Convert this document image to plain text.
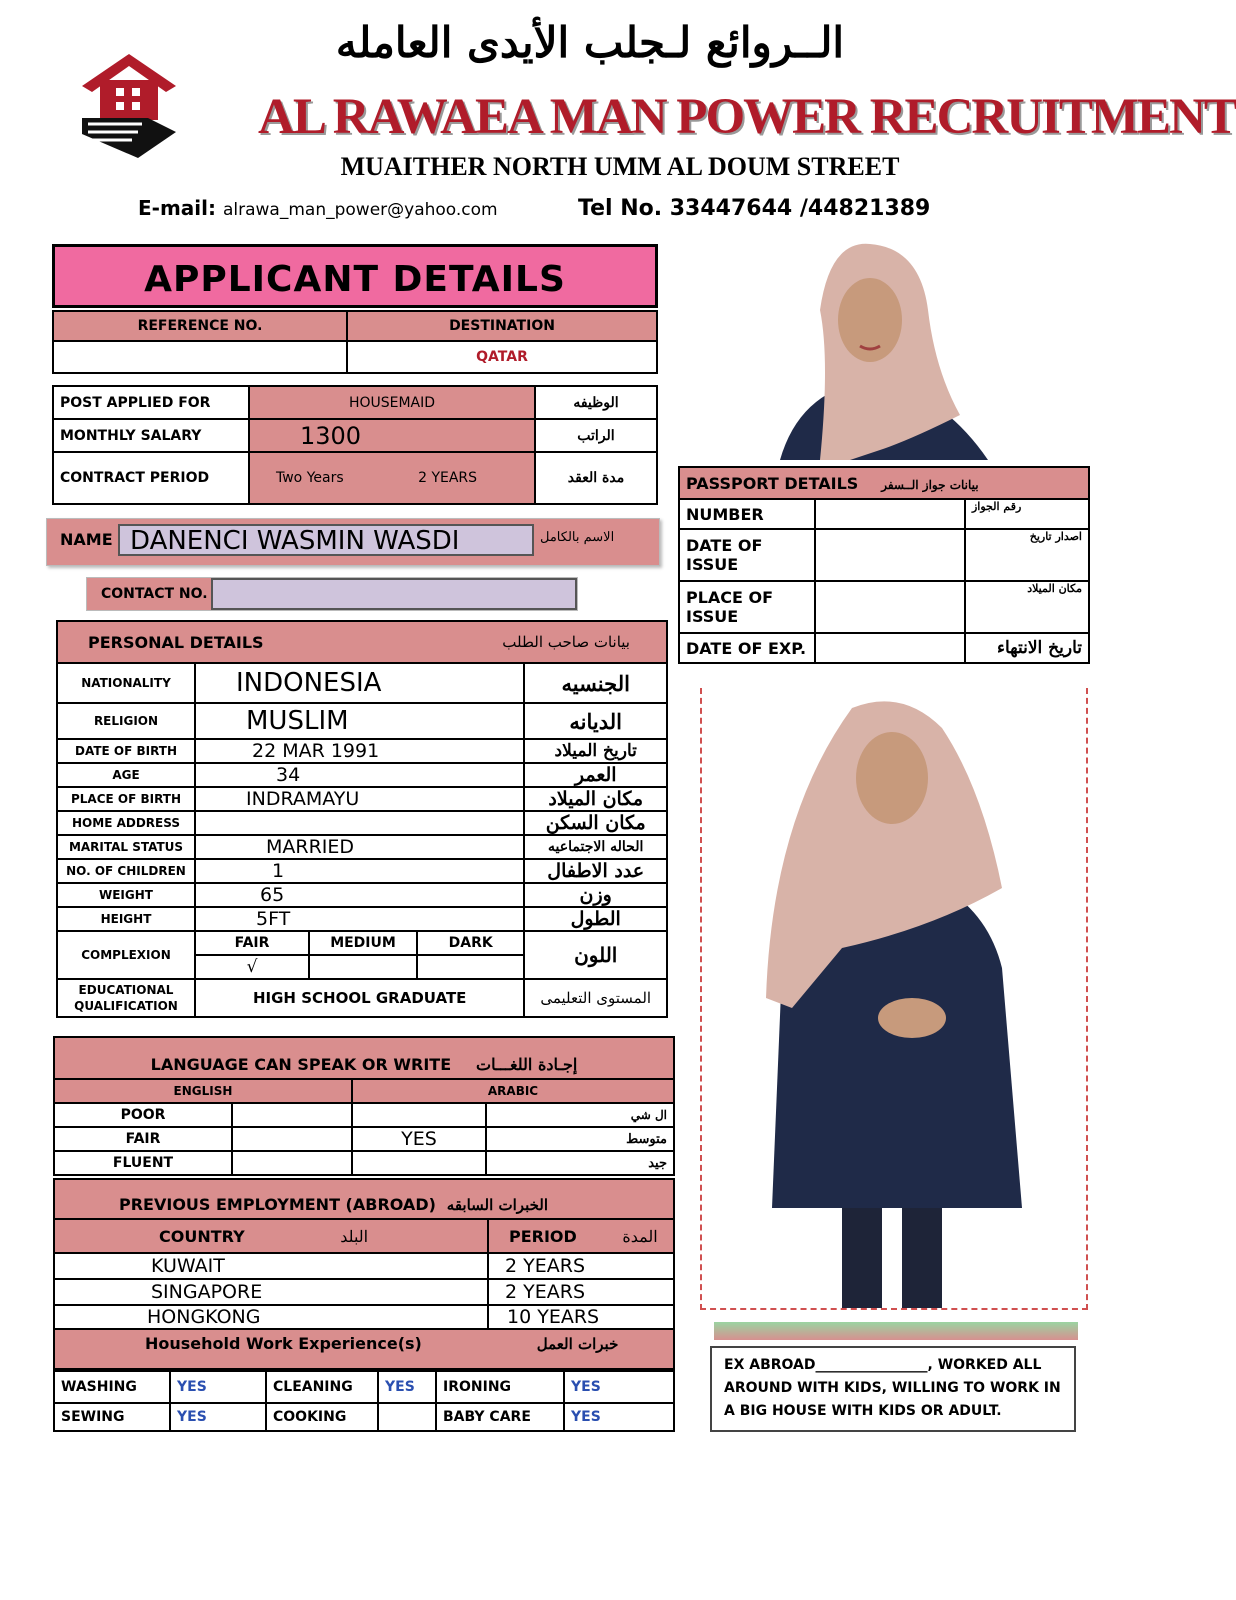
الــروائع لـجلب الأيدى العامله
AL RAWAEA MAN POWER RECRUITMENT
MUAITHER NORTH UMM AL DOUM STREET
E-mail: alrawa_man_power@yahoo.com	Tel No. 33447644 /44821389
APPLICANT DETAILS
REFERENCE NO.	DESTINATION
	QATAR
POST APPLIED FOR	HOUSEMAID	الوظيفه
MONTHLY SALARY	1300	الراتب
CONTRACT PERIOD	Two Years 2 YEARS	مدة العقد
NAME DANENCI WASMIN WASDI	الاسم بالكامل
CONTACT NO.
PASSPORT DETAILS بيانات جواز الــسفر		
NUMBER		رقم الجواز
DATE OF ISSUE		اصدار تاريخ
PLACE OF ISSUE		مكان الميلاد
DATE OF EXP.		تاريخ الانتهاء
PERSONAL DETAILS بيانات صاحب الطلب				

NATIONALITY	INDONESIA			الجنسيه
RELIGION	MUSLIM			الديانه
DATE OF BIRTH	22 MAR 1991			تاريخ الميلاد
AGE	34			العمر
PLACE OF BIRTH	INDRAMAYU			مكان الميلاد
HOME ADDRESS				مكان السكن
MARITAL STATUS	MARRIED			الحاله الاجتماعيه
NO. OF CHILDREN	1			عدد الاطفال
WEIGHT	65			وزن
HEIGHT	5FT			الطول
COMPLEXION	FAIR	MEDIUM	DARK	اللون
	√			
EDUCATIONAL
QUALIFICATION	HIGH SCHOOL GRADUATE			المستوى التعليمى
LANGUAGE CAN SPEAK OR WRITE إجـادة اللغـــات			
ENGLISH		ARABIC	
POOR			ال شي
FAIR		YES	متوسط
FLUENT			جيد
PREVIOUS EMPLOYMENT (ABROAD) الخبرات السابقه	
COUNTRY البلد	PERIOD المدة
KUWAIT	2 YEARS
SINGAPORE	2 YEARS
HONGKONG	10 YEARS
Household Work Experience(s) خبرات العمل	
WASHING	YES	CLEANING	YES	IRONING	YES
SEWING	YES	COOKING		BABY CARE	YES
EX ABROAD________________, WORKED ALL AROUND WITH KIDS, WILLING TO WORK IN A BIG HOUSE WITH KIDS OR ADULT.
